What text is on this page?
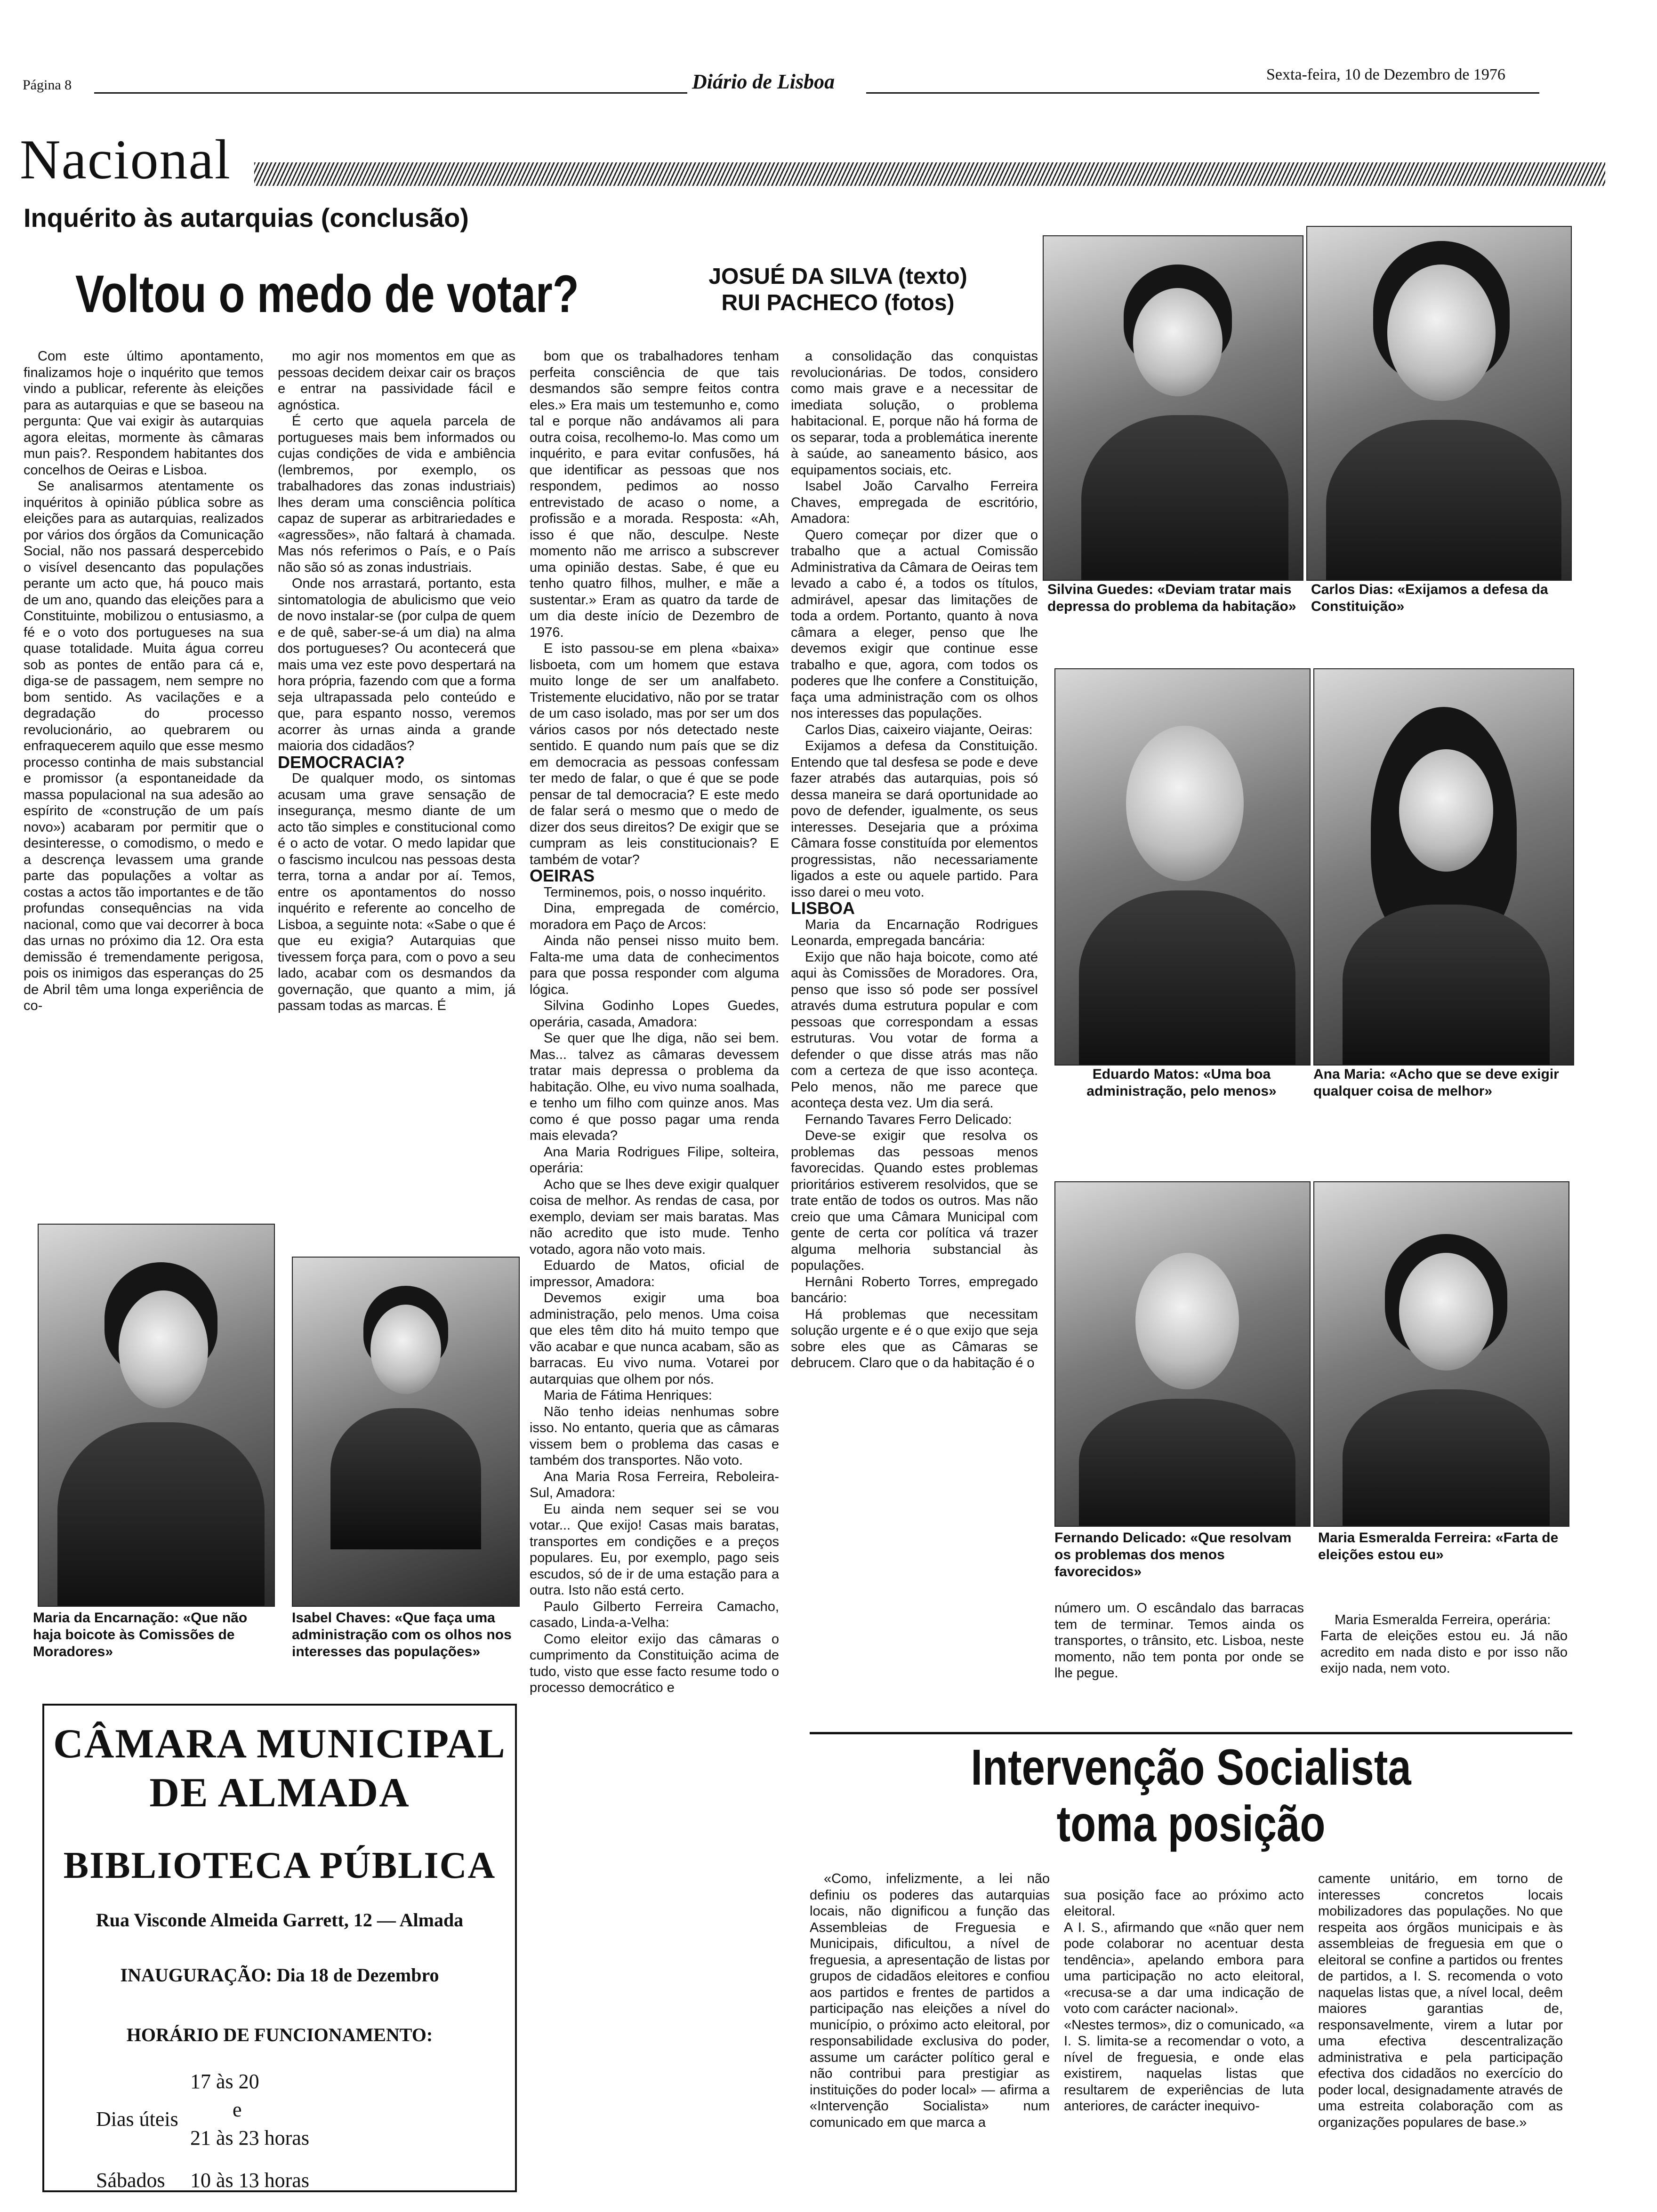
Página 8	Diário de Lisboa	Sexta-feira, 10 de Dezembro de 1976
Nacional
Inquérito às autarquias (conclusão)
Voltou o medo de votar?	JOSUÉ DA SILVA (texto)
RUI PACHECO (fotos)

Com este último apontamento, finalizamos hoje o inquérito que temos vindo a publicar, referente às eleições para as autarquias e que se baseou na pergunta: Que vai exigir às autarquias agora eleitas, mormente às câmaras mun pais?. Respondem habitantes dos concelhos de Oeiras e Lisboa.

Se analisarmos atentamente os inquéritos à opinião pública sobre as eleições para as autarquias, realizados por vários dos órgãos da Comunicação Social, não nos passará despercebido o visível desencanto das populações perante um acto que, há pouco mais de um ano, quando das eleições para a Constituinte, mobilizou o entusiasmo, a fé e o voto dos portugueses na sua quase totalidade. Muita água correu sob as pontes de então para cá e, diga-se de passagem, nem sempre no bom sentido. As vacilações e a degradação do processo revolucionário, ao quebrarem ou enfraquecerem aquilo que esse mesmo processo continha de mais substancial e promissor (a espontaneidade da massa populacional na sua adesão ao espírito de «construção de um país novo») acabaram por permitir que o desinteresse, o comodismo, o medo e a descrença levassem uma grande parte das populações a voltar as costas a actos tão importantes e de tão profundas consequências na vida nacional, como que vai decorrer à boca das urnas no próximo dia 12. Ora esta demissão é tremendamente perigosa, pois os inimigos das esperanças do 25 de Abril têm uma longa experiência de co-

mo agir nos momentos em que as pessoas decidem deixar cair os braços e entrar na passividade fácil e agnóstica.

É certo que aquela parcela de portugueses mais bem informados ou cujas condições de vida e ambiência (lembremos, por exemplo, os trabalhadores das zonas industriais) lhes deram uma consciência política capaz de superar as arbitrariedades e «agressões», não faltará à chamada. Mas nós referimos o País, e o País não são só as zonas industriais.

Onde nos arrastará, portanto, esta sintomatologia de abulicismo que veio de novo instalar-se (por culpa de quem e de quê, saber-se-á um dia) na alma dos portugueses? Ou acontecerá que mais uma vez este povo despertará na hora própria, fazendo com que a forma seja ultrapassada pelo conteúdo e que, para espanto nosso, veremos acorrer às urnas ainda a grande maioria dos cidadãos?

DEMOCRACIA?

De qualquer modo, os sintomas acusam uma grave sensação de insegurança, mesmo diante de um acto tão simples e constitucional como é o acto de votar. O medo lapidar que o fascismo inculcou nas pessoas desta terra, torna a andar por aí. Temos, entre os apontamentos do nosso inquérito e referente ao concelho de Lisboa, a seguinte nota: «Sabe o que é que eu exigia? Autarquias que tivessem força para, com o povo a seu lado, acabar com os desmandos da governação, que quanto a mim, já passam todas as marcas. É

bom que os trabalhadores tenham perfeita consciência de que tais desmandos são sempre feitos contra eles.» Era mais um testemunho e, como tal e porque não andávamos ali para outra coisa, recolhemo-lo. Mas como um inquérito, e para evitar confusões, há que identificar as pessoas que nos respondem, pedimos ao nosso entrevistado de acaso o nome, a profissão e a morada. Resposta: «Ah, isso é que não, desculpe. Neste momento não me arrisco a subscrever uma opinião destas. Sabe, é que eu tenho quatro filhos, mulher, e mãe a sustentar.» Eram as quatro da tarde de um dia deste início de Dezembro de 1976.

E isto passou-se em plena «baixa» lisboeta, com um homem que estava muito longe de ser um analfabeto. Tristemente elucidativo, não por se tratar de um caso isolado, mas por ser um dos vários casos por nós detectado neste sentido. E quando num país que se diz em democracia as pessoas confessam ter medo de falar, o que é que se pode pensar de tal democracia? E este medo de falar será o mesmo que o medo de dizer dos seus direitos? De exigir que se cumpram as leis constitucionais? E também de votar?

OEIRAS

Terminemos, pois, o nosso inquérito.

Dina, empregada de comércio, moradora em Paço de Arcos:

Ainda não pensei nisso muito bem. Falta-me uma data de conhecimentos para que possa responder com alguma lógica.

Silvina Godinho Lopes Guedes, operária, casada, Amadora:

Se quer que lhe diga, não sei bem. Mas... talvez as câmaras devessem tratar mais depressa o problema da habitação. Olhe, eu vivo numa soalhada, e tenho um filho com quinze anos. Mas como é que posso pagar uma renda mais elevada?

Ana Maria Rodrigues Filipe, solteira, operária:

Acho que se lhes deve exigir qualquer coisa de melhor. As rendas de casa, por exemplo, deviam ser mais baratas. Mas não acredito que isto mude. Tenho votado, agora não voto mais.

Eduardo de Matos, oficial de impressor, Amadora:

Devemos exigir uma boa administração, pelo menos. Uma coisa que eles têm dito há muito tempo que vão acabar e que nunca acabam, são as barracas. Eu vivo numa. Votarei por autarquias que olhem por nós.

Maria de Fátima Henriques:

Não tenho ideias nenhumas sobre isso. No entanto, queria que as câmaras vissem bem o problema das casas e também dos transportes. Não voto.

Ana Maria Rosa Ferreira, Reboleira-Sul, Amadora:

Eu ainda nem sequer sei se vou votar... Que exijo! Casas mais baratas, transportes em condições e a preços populares. Eu, por exemplo, pago seis escudos, só de ir de uma estação para a outra. Isto não está certo.

Paulo Gilberto Ferreira Camacho, casado, Linda-a-Velha:

Como eleitor exijo das câmaras o cumprimento da Constituição acima de tudo, visto que esse facto resume todo o processo democrático e

a consolidação das conquistas revolucionárias. De todos, considero como mais grave e a necessitar de imediata solução, o problema habitacional. E, porque não há forma de os separar, toda a problemática inerente à saúde, ao saneamento básico, aos equipamentos sociais, etc.

Isabel João Carvalho Ferreira Chaves, empregada de escritório, Amadora:

Quero começar por dizer que o trabalho que a actual Comissão Administrativa da Câmara de Oeiras tem levado a cabo é, a todos os títulos, admirável, apesar das limitações de toda a ordem. Portanto, quanto à nova câmara a eleger, penso que lhe devemos exigir que continue esse trabalho e que, agora, com todos os poderes que lhe confere a Constituição, faça uma administração com os olhos nos interesses das populações.

Carlos Dias, caixeiro viajante, Oeiras:

Exijamos a defesa da Constituição. Entendo que tal desfesa se pode e deve fazer atrabés das autarquias, pois só dessa maneira se dará oportunidade ao povo de defender, igualmente, os seus interesses. Desejaria que a próxima Câmara fosse constituída por elementos progressistas, não necessariamente ligados a este ou aquele partido. Para isso darei o meu voto.

LISBOA

Maria da Encarnação Rodrigues Leonarda, empregada bancária:

Exijo que não haja boicote, como até aqui às Comissões de Moradores. Ora, penso que isso só pode ser possível através duma estrutura popular e com pessoas que correspondam a essas estruturas. Vou votar de forma a defender o que disse atrás mas não com a certeza de que isso aconteça. Pelo menos, não me parece que aconteça desta vez. Um dia será.

Fernando Tavares Ferro Delicado:

Deve-se exigir que resolva os problemas das pessoas menos favorecidas. Quando estes problemas prioritários estiverem resolvidos, que se trate então de todos os outros. Mas não creio que uma Câmara Municipal com gente de certa cor política vá trazer alguma melhoria substancial às populações.

Hernâni Roberto Torres, empregado bancário:

Há problemas que necessitam solução urgente e é o que exijo que seja sobre eles que as Câmaras se debrucem. Claro que o da habitação é o

Silvina Guedes: «Deviam tratar mais depressa do problema da habitação»
Carlos Dias: «Exijamos a defesa da Constituição»
Eduardo Matos: «Uma boa administração, pelo menos»
Ana Maria: «Acho que se deve exigir qualquer coisa de melhor»
Fernando Delicado: «Que resolvam os problemas dos menos favorecidos»
Maria Esmeralda Ferreira: «Farta de eleições estou eu»

número um. O escândalo das barracas tem de terminar. Temos ainda os transportes, o trânsito, etc. Lisboa, neste momento, não tem ponta por onde se lhe pegue.

Maria Esmeralda Ferreira, operária:
Farta de eleições estou eu. Já não acredito em nada disto e por isso não exijo nada, nem voto.

Maria da Encarnação: «Que não haja boicote às Comissões de Moradores»
Isabel Chaves: «Que faça uma administração com os olhos nos interesses das populações»
CÂMARA MUNICIPAL
DE ALMADA
BIBLIOTECA PÚBLICA
Rua Visconde Almeida Garrett, 12 — Almada
INAUGURAÇÃO: Dia 18 de Dezembro
HORÁRIO DE FUNCIONAMENTO:
17 às 20
Dias úteis	e
21 às 23 horas
Sábados 10 às 13 horas
Intervenção Socialista
toma posição

«Como, infelizmente, a lei não definiu os poderes das autarquias locais, não dignificou a função das Assembleias de Freguesia e Municipais, dificultou, a nível de freguesia, a apresentação de listas por grupos de cidadãos eleitores e confiou aos partidos e frentes de partidos a participação nas eleições a nível do município, o próximo acto eleitoral, por responsabilidade exclusiva do poder, assume um carácter político geral e não contribui para prestigiar as instituições do poder local» — afirma a «Intervenção Socialista» num comunicado em que marca a

sua posição face ao próximo acto eleitoral.
A I. S., afirmando que «não quer nem pode colaborar no acentuar desta tendência», apelando embora para uma participação no acto eleitoral, «recusa-se a dar uma indicação de voto com carácter nacional».
«Nestes termos», diz o comunicado, «a I. S. limita-se a recomendar o voto, a nível de freguesia, e onde elas existirem, naquelas listas que resultarem de experiências de luta anteriores, de carácter inequivo-

camente unitário, em torno de interesses concretos locais mobilizadores das populações. No que respeita aos órgãos municipais e às assembleias de freguesia em que o eleitoral se confine a partidos ou frentes de partidos, a I. S. recomenda o voto naquelas listas que, a nível local, deêm maiores garantias de, responsavelmente, virem a lutar por uma efectiva descentralização administrativa e pela participação efectiva dos cidadãos no exercício do poder local, designadamente através de uma estreita colaboração com as organizações populares de base.»
